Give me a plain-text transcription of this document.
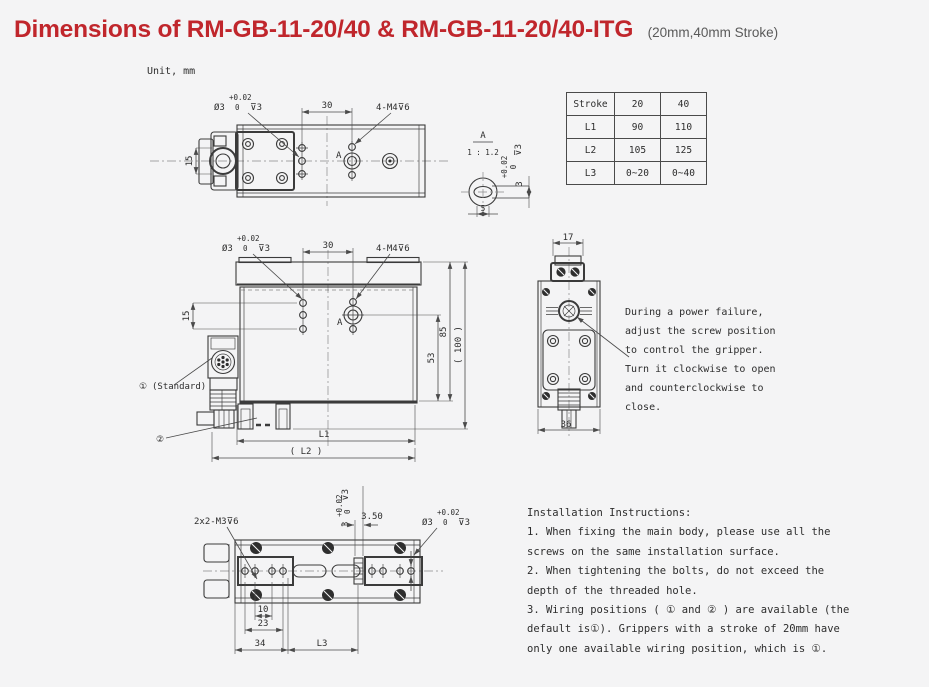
Dimensions of RM-GB-11-20/40 & RM-GB-11-20/40-ITG (20mm,40mm Stroke)
Unit, mm
Stroke	20	40
L1	90	110
L2	105	125
L3	0~20	0~40
A
15
30
+0.02
Ø3 0 ⊽3	4-M4⊽6
A
1 : 1.2
3
+0.02 0
⊽3
5
A
+0.02
Ø3 0 ⊽3	30	4-M4⊽6
15
53
85 ( 100 )
L1
( L2 )
① (Standard)
②
17
36
2x2-M3⊽6	3
+0.02 0
⊽3
3.50	+0.02
Ø3 0 ⊽3
10
23
34	L3
During a power failure,
adjust the screw position
to control the gripper.
Turn it clockwise to open
and counterclockwise to
close.
Installation Instructions:
1. When fixing the main body, please use all the
screws on the same installation surface.
2. When tightening the bolts, do not exceed the
depth of the threaded hole.
3. Wiring positions ( ① and ② ) are available (the
default is①). Grippers with a stroke of 20mm have
only one available wiring position, which is ①.
